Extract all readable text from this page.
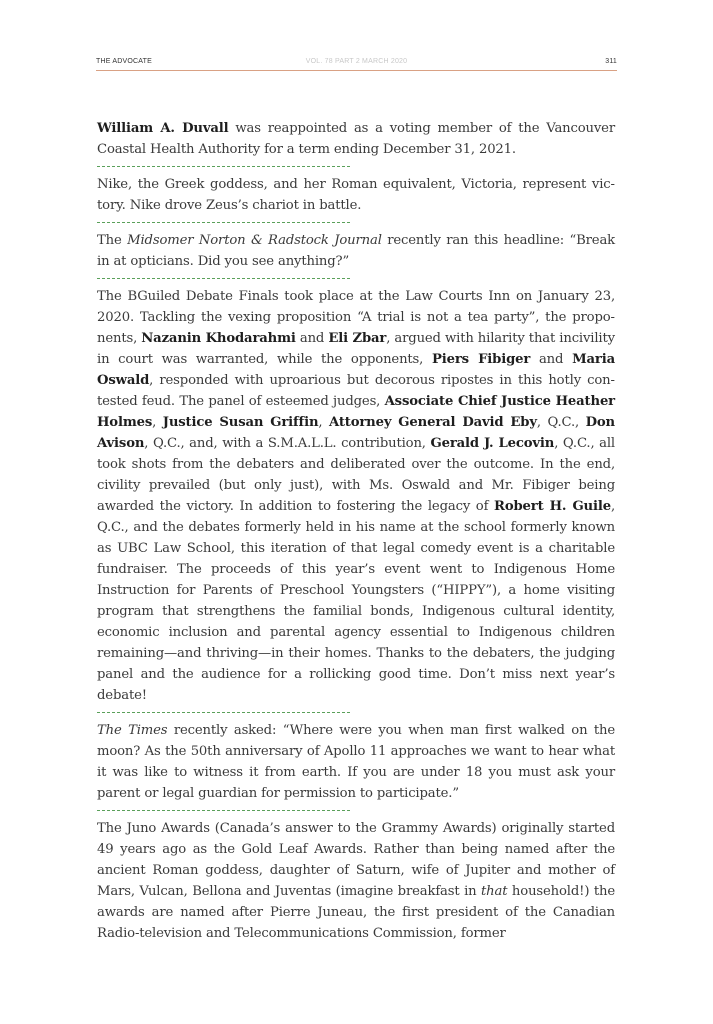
THE ADVOCATE	VOL. 78 PART 2 MARCH 2020	311

William A. Duvall was reappointed as a voting member of the Vancouver Coastal Health Authority for a term ending December 31, 2021.

Nike, the Greek goddess, and her Roman equivalent, Victoria, represent victory. Nike drove Zeus’s chariot in battle.

The Midsomer Norton & Radstock Journal recently ran this headline: “Break in at opticians. Did you see anything?”

The BGuiled Debate Finals took place at the Law Courts Inn on January 23, 2020. Tackling the vexing proposition “A trial is not a tea party”, the proponents, Nazanin Khodarahmi and Eli Zbar, argued with hilarity that incivility in court was warranted, while the opponents, Piers Fibiger and Maria Oswald, responded with uproarious but decorous ripostes in this hotly contested feud. The panel of esteemed judges, Associate Chief Justice Heather Holmes, Justice Susan Griffin, Attorney General David Eby, Q.C., Don Avison, Q.C., and, with a S.M.A.L.L. contribution, Gerald J. Lecovin, Q.C., all took shots from the debaters and deliberated over the outcome. In the end, civility prevailed (but only just), with Ms. Oswald and Mr. Fibiger being awarded the victory. In addition to fostering the legacy of Robert H. Guile, Q.C., and the debates formerly held in his name at the school formerly known as UBC Law School, this iteration of that legal comedy event is a charitable fundraiser. The proceeds of this year’s event went to Indigenous Home Instruction for Parents of Preschool Youngsters (“HIPPY”), a home visiting program that strengthens the familial bonds, Indigenous cultural identity, economic inclusion and parental agency essential to Indigenous children remaining—and thriving—in their homes. Thanks to the debaters, the judging panel and the audience for a rollicking good time. Don’t miss next year’s debate!

The Times recently asked: “Where were you when man first walked on the moon? As the 50th anniversary of Apollo 11 approaches we want to hear what it was like to witness it from earth. If you are under 18 you must ask your parent or legal guardian for permission to participate.”

The Juno Awards (Canada’s answer to the Grammy Awards) originally started 49 years ago as the Gold Leaf Awards. Rather than being named after the ancient Roman goddess, daughter of Saturn, wife of Jupiter and mother of Mars, Vulcan, Bellona and Juventas (imagine breakfast in that household!) the awards are named after Pierre Juneau, the first president of the Canadian Radio-television and Telecommunications Commission, former
